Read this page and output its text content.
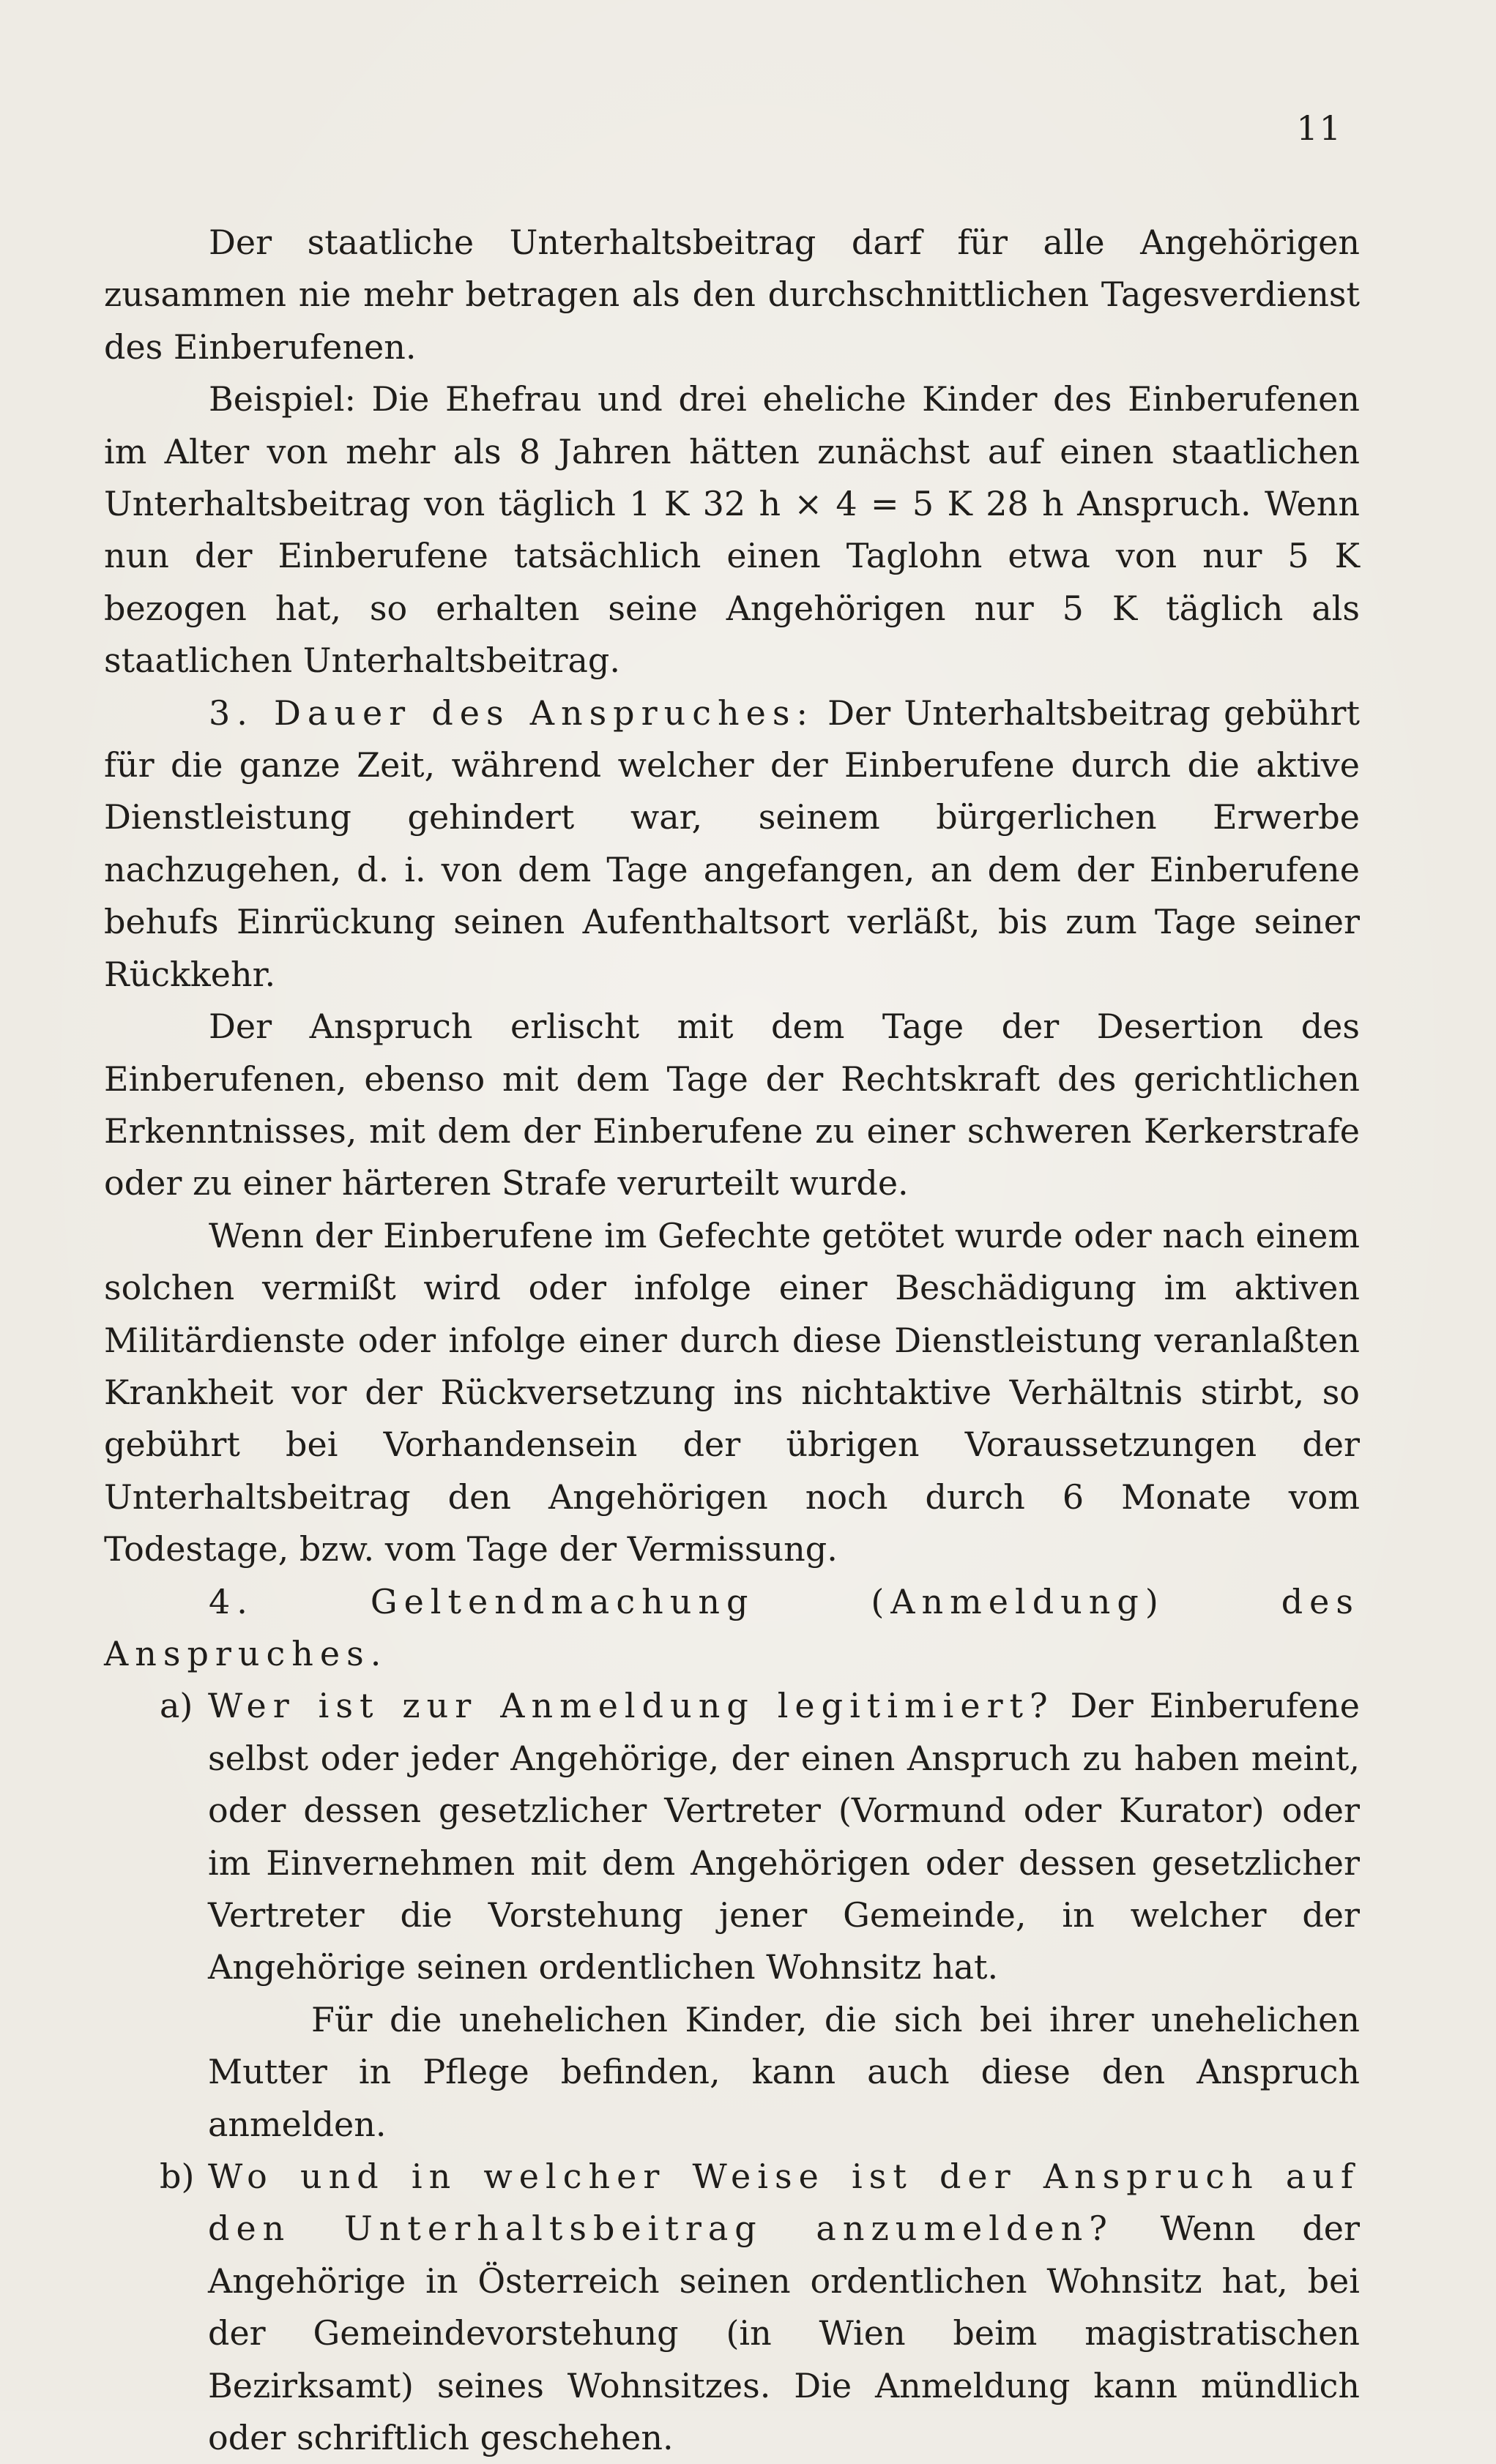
11

Der staatliche Unterhaltsbeitrag darf für alle Angehörigen zusammen nie mehr betragen als den durchschnittlichen Tagesverdienst des Einberufenen.

Beispiel: Die Ehefrau und drei eheliche Kinder des Einberufenen im Alter von mehr als 8 Jahren hätten zunächst auf einen staatlichen Unterhaltsbeitrag von täglich 1 K 32 h × 4 = 5 K 28 h Anspruch. Wenn nun der Einberufene tatsächlich einen Taglohn etwa von nur 5 K bezogen hat, so erhalten seine Angehörigen nur 5 K täglich als staatlichen Unterhaltsbeitrag.

3. Dauer des Anspruches: Der Unterhaltsbeitrag gebührt für die ganze Zeit, während welcher der Einberufene durch die aktive Dienstleistung gehindert war, seinem bürgerlichen Erwerbe nachzugehen, d. i. von dem Tage angefangen, an dem der Einberufene behufs Einrückung seinen Aufenthaltsort verläßt, bis zum Tage seiner Rückkehr.

Der Anspruch erlischt mit dem Tage der Desertion des Einberufenen, ebenso mit dem Tage der Rechtskraft des gerichtlichen Erkenntnisses, mit dem der Einberufene zu einer schweren Kerkerstrafe oder zu einer härteren Strafe verurteilt wurde.

Wenn der Einberufene im Gefechte getötet wurde oder nach einem solchen vermißt wird oder infolge einer Beschädigung im aktiven Militärdienste oder infolge einer durch diese Dienstleistung veranlaßten Krankheit vor der Rückversetzung ins nichtaktive Verhältnis stirbt, so gebührt bei Vorhandensein der übrigen Voraussetzungen der Unterhaltsbeitrag den Angehörigen noch durch 6 Monate vom Todestage, bzw. vom Tage der Vermissung.

4. Geltendmachung (Anmeldung) des Anspruches.

a) Wer ist zur Anmeldung legitimiert? Der Einberufene selbst oder jeder Angehörige, der einen Anspruch zu haben meint, oder dessen gesetzlicher Vertreter (Vormund oder Kurator) oder im Einvernehmen mit dem Angehörigen oder dessen gesetzlicher Vertreter die Vorstehung jener Gemeinde, in welcher der Angehörige seinen ordentlichen Wohnsitz hat.

Für die unehelichen Kinder, die sich bei ihrer unehelichen Mutter in Pflege befinden, kann auch diese den Anspruch anmelden.

b) Wo und in welcher Weise ist der Anspruch auf den Unterhaltsbeitrag anzumelden? Wenn der Angehörige in Österreich seinen ordentlichen Wohnsitz hat, bei der Gemeindevorstehung (in Wien beim magistratischen Bezirksamt) seines Wohnsitzes. Die Anmeldung kann mündlich oder schriftlich geschehen.
